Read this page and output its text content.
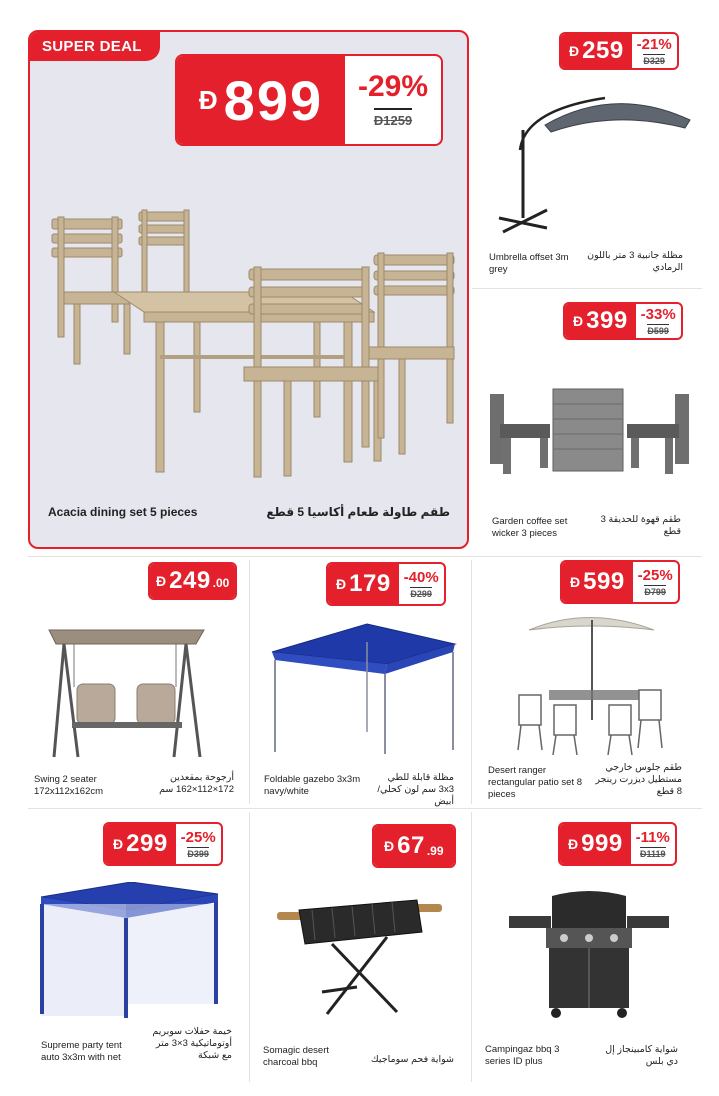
SUPER DEAL
Ð 899 -29%
Ð1259
Acacia dining set 5 pieces	طقم طاولة طعام أكاسيا 5 قطع
Ð 259 -21%
Ð329
Umbrella offset 3m grey
مظلة جانبية 3 متر باللون الرمادي
Ð 399 -33%
Ð599
Garden coffee set wicker 3 pieces
طقم قهوة للحديقة 3 قطع
Ð 249 .00
Swing 2 seater 172x112x162cm
أرجوحة بمقعدين 172×112×162 سم
Ð 179 -40%
Ð299
Foldable gazebo 3x3m navy/white
مظلة قابلة للطي 3x3 سم لون كحلي/ أبيض
Ð 599 -25%
Ð799
Desert ranger rectangular patio set 8 pieces
طقم جلوس خارجي مستطيل ديزرت رينجر 8 قطع
Ð 299 -25%
Ð399
Supreme party tent auto 3x3m with net
خيمة حفلات سوبريم أوتوماتيكية 3×3 متر مع شبكة
Ð 67 .99
Somagic desert charcoal bbq	شواية فحم سوماجيك
Ð 999 -11%
Ð1119
Campingaz bbq 3 series ID plus
شواية كامبينجاز إل دي بلس
